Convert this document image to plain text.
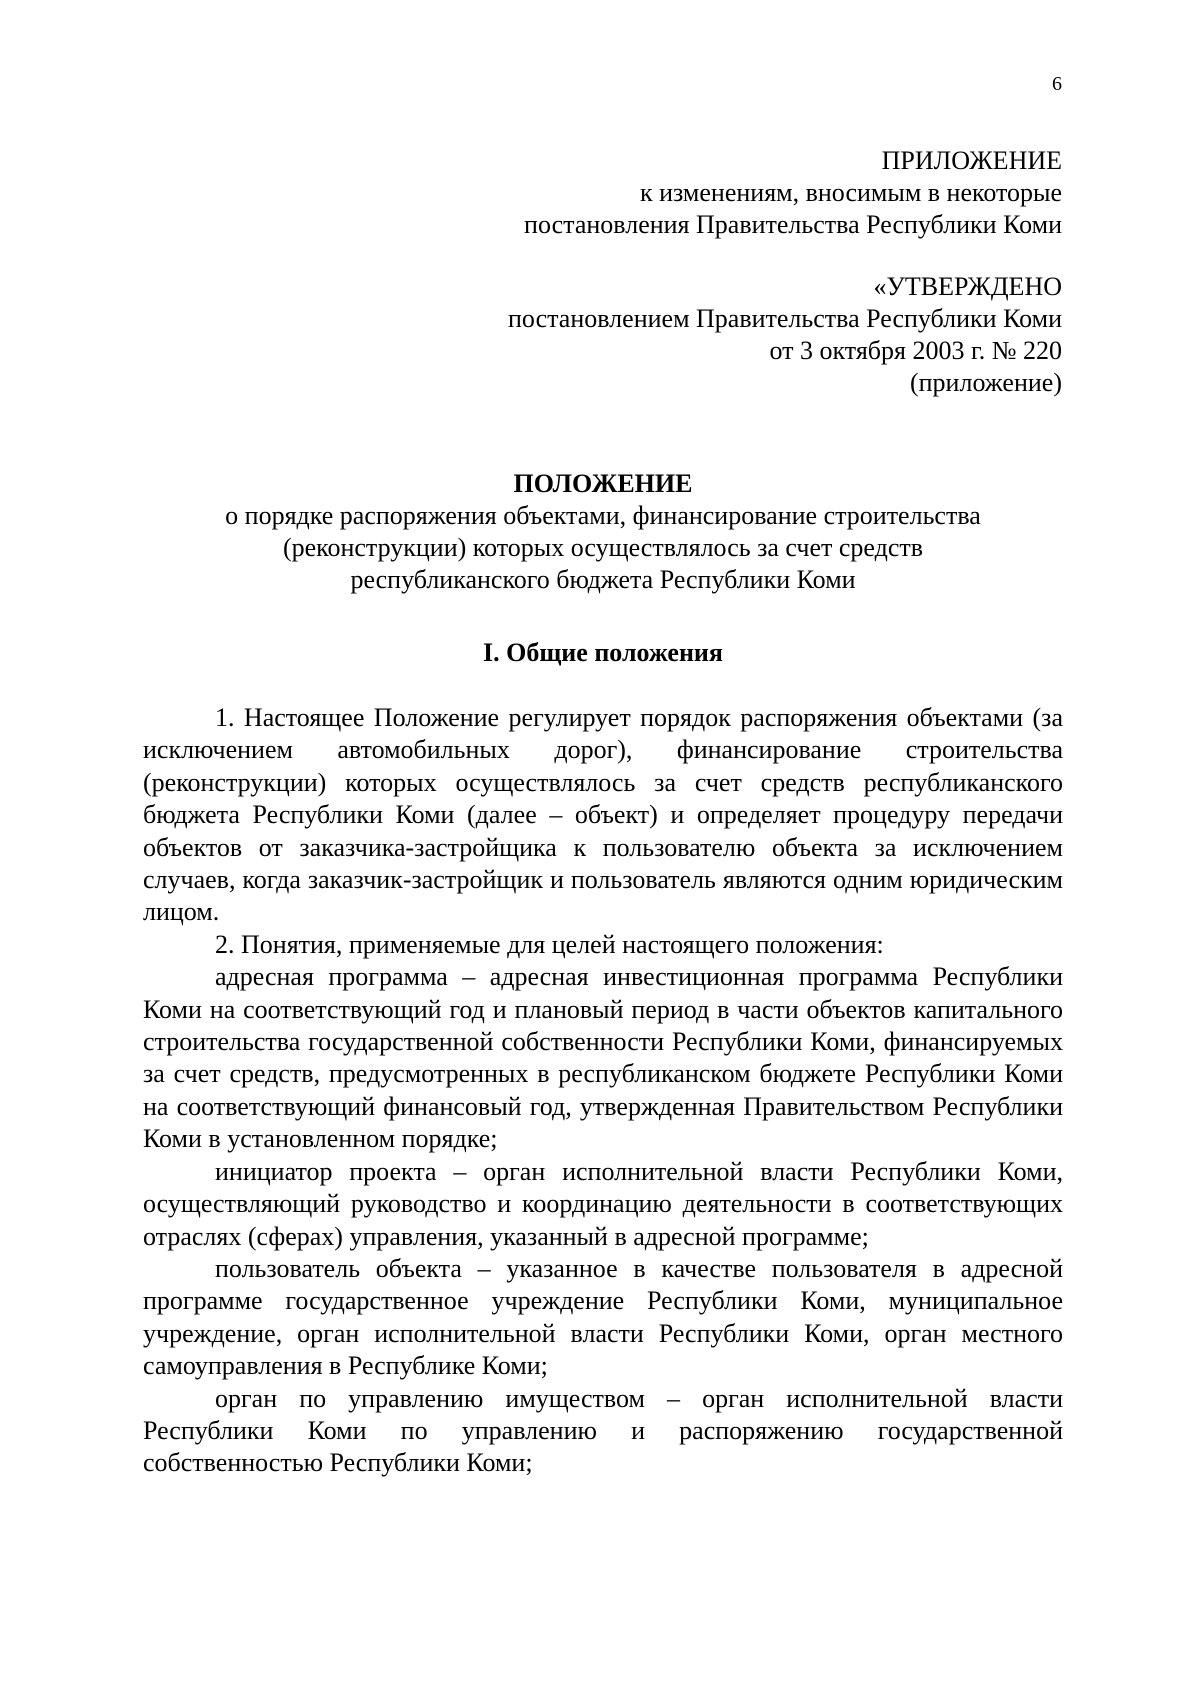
6
ПРИЛОЖЕНИЕ
к изменениям, вносимым в некоторые
постановления Правительства Республики Коми
«УТВЕРЖДЕНО
постановлением Правительства Республики Коми
от 3 октября 2003 г. № 220
(приложение)
ПОЛОЖЕНИЕ
о порядке распоряжения объектами, финансирование строительства
(реконструкции) которых осуществлялось за счет средств
республиканского бюджета Республики Коми
I. Общие положения

1. Настоящее Положение регулирует порядок распоряжения объектами (за исключением автомобильных дорог), финансирование строительства (реконструкции) которых осуществлялось за счет средств республиканского бюджета Республики Коми (далее – объект) и определяет процедуру передачи объектов от заказчика-застройщика к пользователю объекта за исключением случаев, когда заказчик-застройщик и пользователь являются одним юридическим лицом.

2. Понятия, применяемые для целей настоящего положения:

адресная программа – адресная инвестиционная программа Республики Коми на соответствующий год и плановый период в части объектов капитального строительства государственной собственности Республики Коми, финансируемых за счет средств, предусмотренных в республиканском бюджете Республики Коми на соответствующий финансовый год, утвержденная Правительством Республики Коми в установленном порядке;

инициатор проекта – орган исполнительной власти Республики Коми, осуществляющий руководство и координацию деятельности в соответствующих отраслях (сферах) управления, указанный в адресной программе;

пользователь объекта – указанное в качестве пользователя в адресной программе государственное учреждение Республики Коми, муниципальное учреждение, орган исполнительной власти Республики Коми, орган местного самоуправления в Республике Коми;

орган по управлению имуществом – орган исполнительной власти Республики Коми по управлению и распоряжению государственной собственностью Республики Коми;
